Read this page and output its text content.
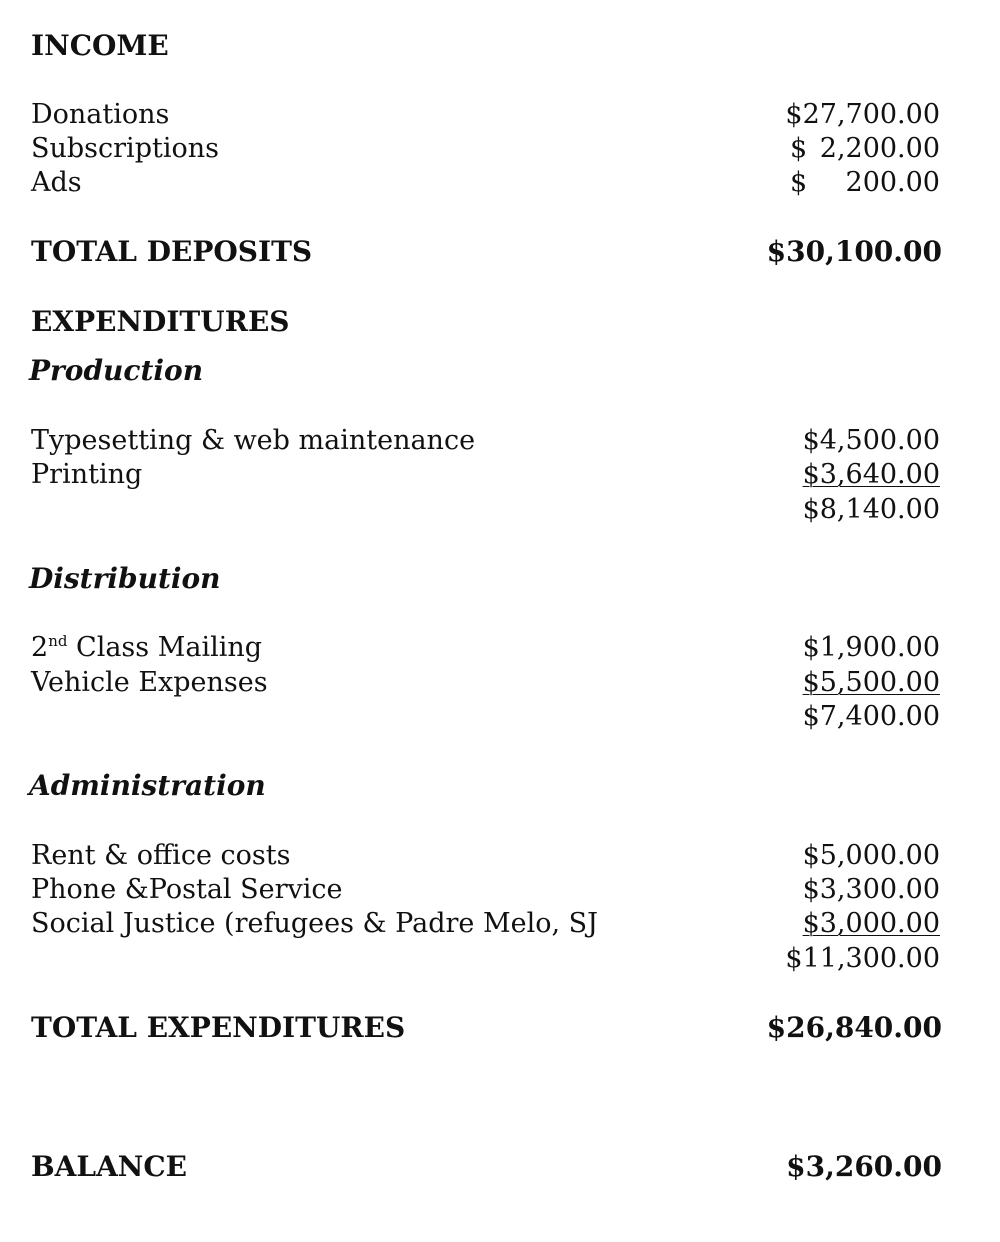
INCOME
Donations	$27,700.00
Subscriptions	$ 2,200.00
Ads	$ 200.00
TOTAL DEPOSITS	$30,100.00
EXPENDITURES
Production
Typesetting & web maintenance	$4,500.00
Printing	$3,640.00
$8,140.00
Distribution
2nd Class Mailing	$1,900.00
Vehicle Expenses	$5,500.00
$7,400.00
Administration
Rent & office costs	$5,000.00
Phone &Postal Service	$3,300.00
Social Justice (refugees & Padre Melo, SJ	$3,000.00
$11,300.00
TOTAL EXPENDITURES	$26,840.00
BALANCE	$3,260.00
